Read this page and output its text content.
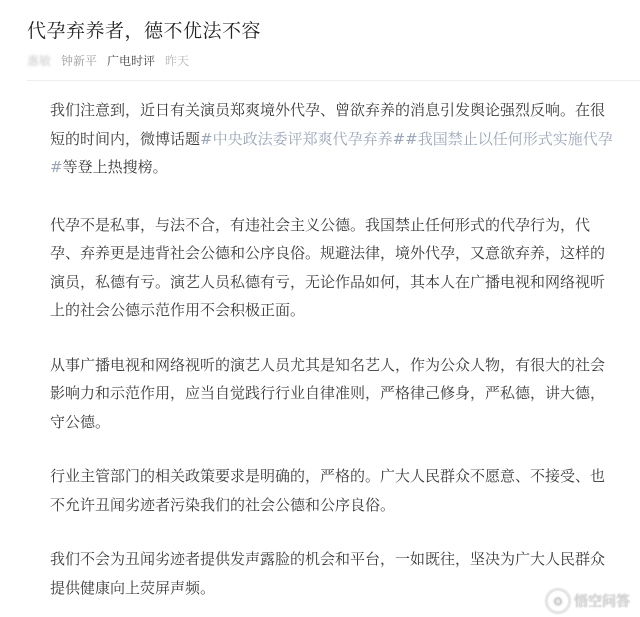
代孕弃养者，德不优法不容
惠敏 钟新平 广电时评 昨天

我们注意到，近日有关演员郑爽境外代孕、曾欲弃养的消息引发舆论强烈反响。在很短的时间内，微博话题#中央政法委评郑爽代孕弃养##我国禁止以任何形式实施代孕#等登上热搜榜。

代孕不是私事，与法不合，有违社会主义公德。我国禁止任何形式的代孕行为，代孕、弃养更是违背社会公德和公序良俗。规避法律，境外代孕，又意欲弃养，这样的演员，私德有亏。演艺人员私德有亏，无论作品如何，其本人在广播电视和网络视听上的社会公德示范作用不会积极正面。

从事广播电视和网络视听的演艺人员尤其是知名艺人，作为公众人物，有很大的社会影响力和示范作用，应当自觉践行行业自律准则，严格律己修身，严私德，讲大德，守公德。

行业主管部门的相关政策要求是明确的，严格的。广大人民群众不愿意、不接受、也不允许丑闻劣迹者污染我们的社会公德和公序良俗。

我们不会为丑闻劣迹者提供发声露脸的机会和平台，一如既往，坚决为广大人民群众提供健康向上荧屏声频。

◉ 悟空问答
